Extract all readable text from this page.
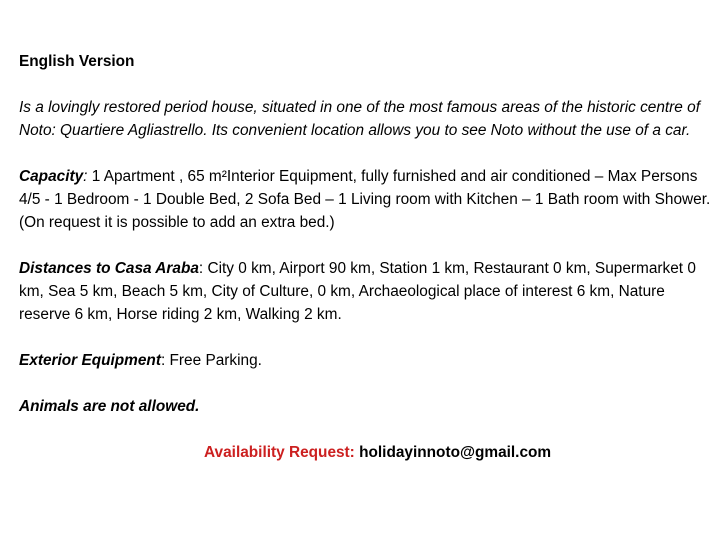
English Version

Is a lovingly restored period house, situated in one of the most famous areas of the historic centre of Noto: Quartiere Agliastrello. Its convenient location allows you to see Noto without the use of a car.

Capacity: 1 Apartment , 65 m²Interior Equipment, fully furnished and air conditioned – Max Persons 4/5 - 1 Bedroom - 1 Double Bed, 2 Sofa Bed – 1 Living room with Kitchen – 1 Bath room with Shower. (On request it is possible to add an extra bed.)

Distances to Casa Araba: City 0 km, Airport 90 km, Station 1 km, Restaurant 0 km, Supermarket 0 km, Sea 5 km, Beach 5 km, City of Culture, 0 km, Archaeological place of interest 6 km, Nature reserve 6 km, Horse riding 2 km, Walking 2 km.

Exterior Equipment: Free Parking.

Animals are not allowed.

Availability Request: holidayinnoto@gmail.com
